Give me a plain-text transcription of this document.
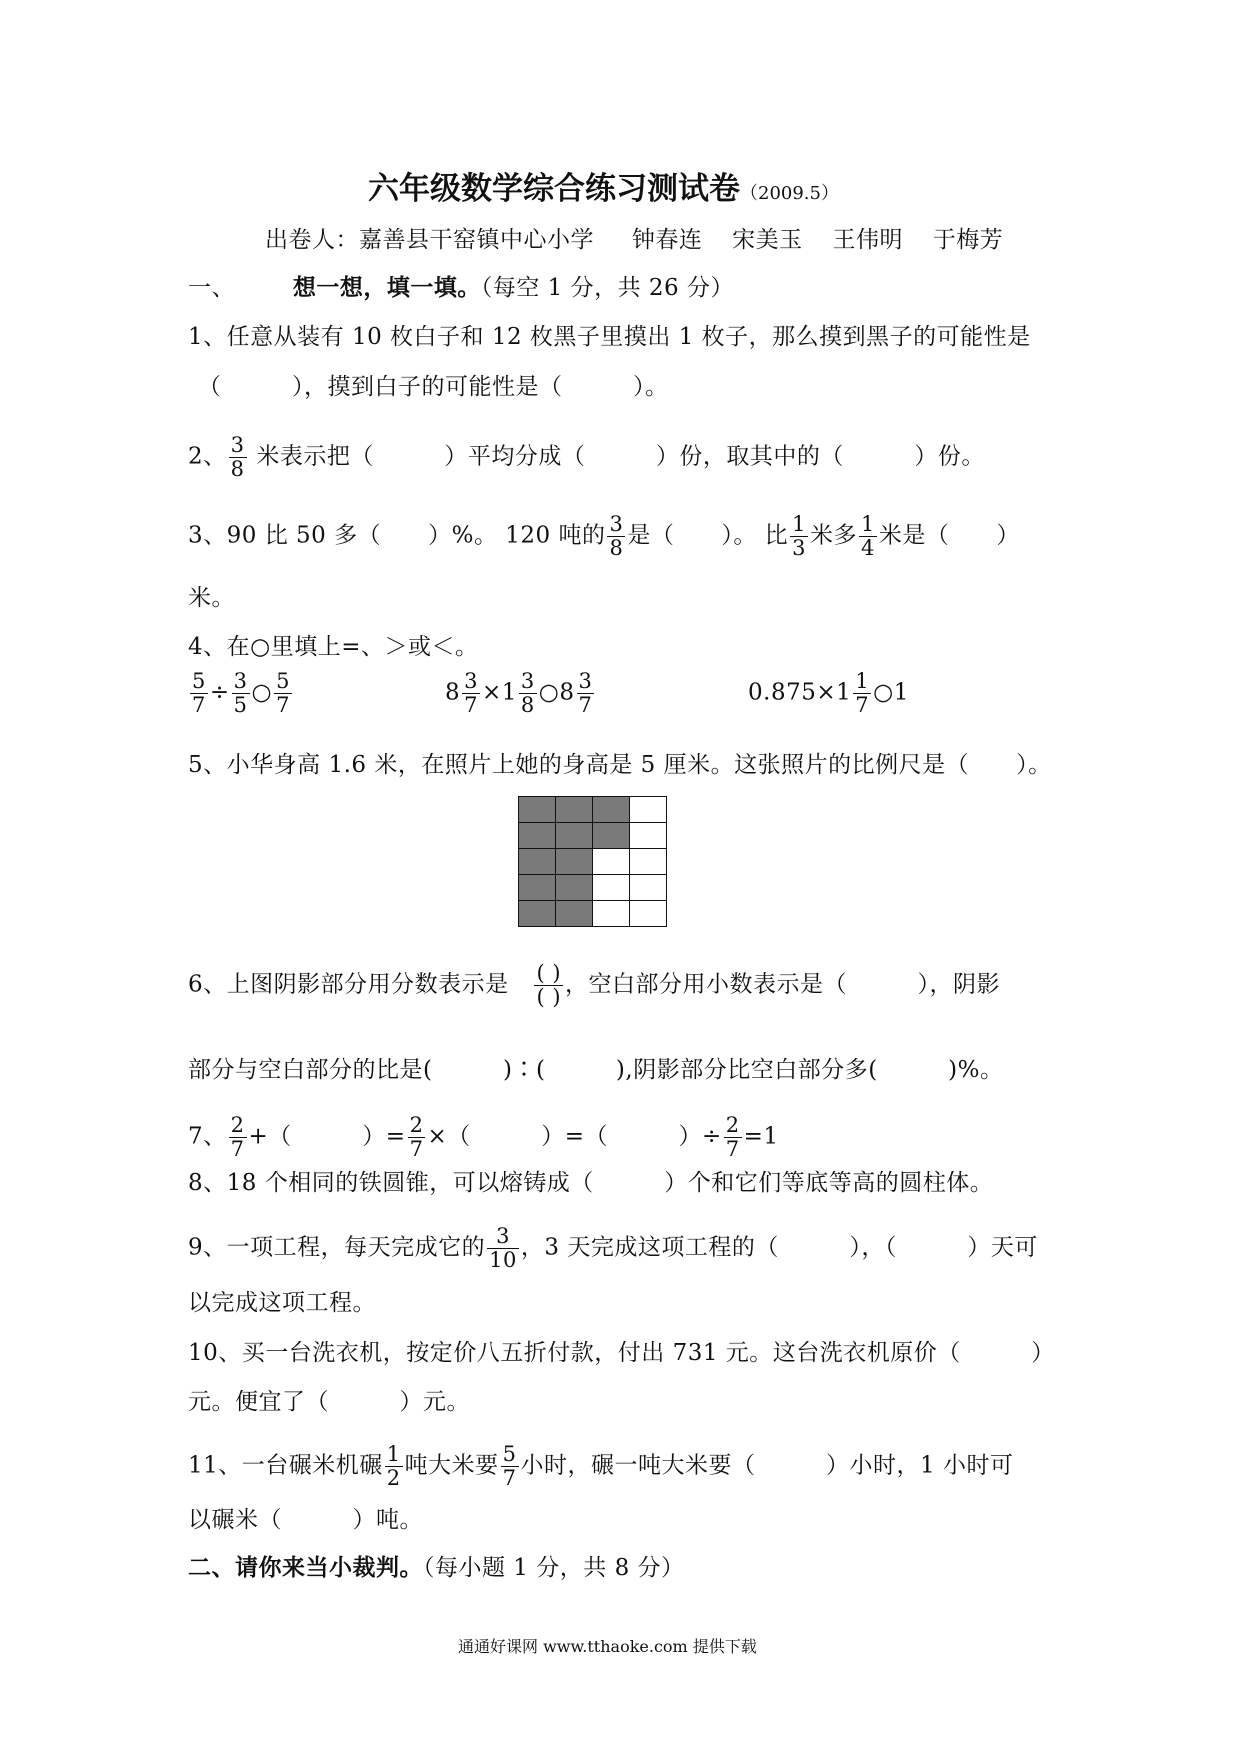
六年级数学综合练习测试卷（2009.5）
出卷人：嘉善县干窑镇中心小学 钟春连 宋美玉 王伟明 于梅芳
一、	想一想，填一填。（每空 1 分，共 26 分）
1、任意从装有 10 枚白子和 12 枚黑子里摸出 1 枚子，那么摸到黑子的可能性是
（　　　），摸到白子的可能性是（　　　）。
2、 $\frac{3}{8}$ 米表示把（　　　）平均分成（　　　）份，取其中的（　　　）份。
3、90 比 50 多（　　）%。 120 吨的 $\frac{3}{8}$ 是（　　）。 比 $\frac{1}{3}$ 米多 $\frac{1}{4}$ 米是（　　）
米。
4、在○里填上=、＞或＜。
$\frac{5}{7} \div \frac{3}{5}$ ○ $\frac{5}{7}$	$8 \frac{3}{7} \times 1 \frac{3}{8}$ ○8 $\frac{3}{7}$	$0.875\times 1 \frac{1}{7}$ ○1
5、小华身高 1.6 米，在照片上她的身高是 5 厘米。这张照片的比例尺是（　　）。

6、上图阴影部分用分数表示是 $\frac{( )}{( )}$ ，空白部分用小数表示是（　　　），阴影
部分与空白部分的比是(　　　)∶(　　　),阴影部分比空白部分多(　　　)%。
7、 $\frac{2}{7}$ +（　　　）= $\frac{2}{7}$ ×（　　　）=（　　　）÷ $\frac{2}{7} =1$
8、18 个相同的铁圆锥，可以熔铸成（　　　）个和它们等底等高的圆柱体。
9、一项工程，每天完成它的 $\frac{3}{10}$ ，3 天完成这项工程的（　　　），（　　　）天可
以完成这项工程。
10、买一台洗衣机，按定价八五折付款，付出 731 元。这台洗衣机原价（　　　）
元。便宜了（　　　）元。
11、一台碾米机碾 $\frac{1}{2}$ 吨大米要 $\frac{5}{7}$ 小时，碾一吨大米要（　　　）小时，1 小时可
以碾米（　　　）吨。
二、请你来当小裁判。（每小题 1 分，共 8 分）
通通好课网 www.tthaoke.com 提供下载
